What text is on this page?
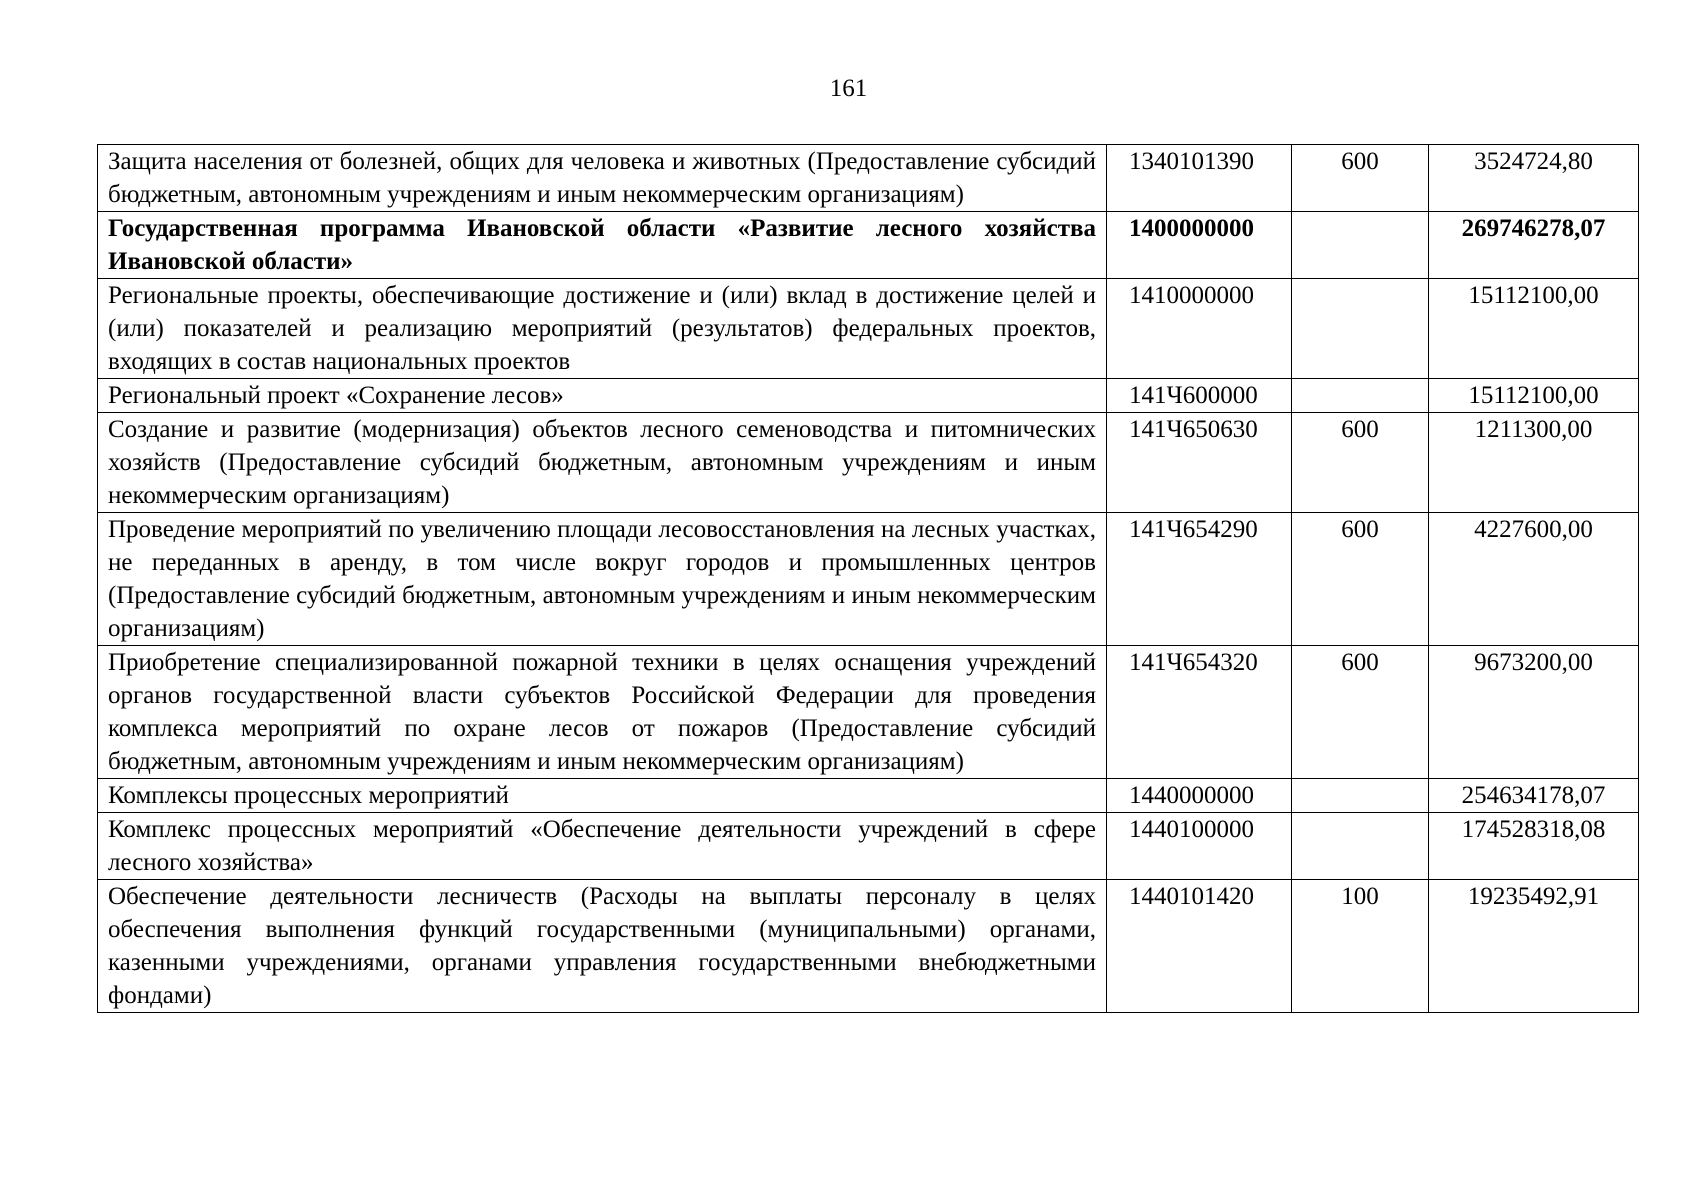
161
Защита населения от болезней, общих для человека и животных (Предоставление субсидий бюджетным, автономным учреждениям и иным некоммерческим организациям)	1340101390	600	3524724,80
Государственная программа Ивановской области «Развитие лесного хозяйства Ивановской области»	1400000000		269746278,07
Региональные проекты, обеспечивающие достижение и (или) вклад в достижение целей и (или) показателей и реализацию мероприятий (результатов) федеральных проектов, входящих в состав национальных проектов	1410000000		15112100,00
Региональный проект «Сохранение лесов»	141Ч600000		15112100,00
Создание и развитие (модернизация) объектов лесного семеноводства и питомнических хозяйств (Предоставление субсидий бюджетным, автономным учреждениям и иным некоммерческим организациям)	141Ч650630	600	1211300,00
Проведение мероприятий по увеличению площади лесовосстановления на лесных участках, не переданных в аренду, в том числе вокруг городов и промышленных центров (Предоставление субсидий бюджетным, автономным учреждениям и иным некоммерческим организациям)	141Ч654290	600	4227600,00
Приобретение специализированной пожарной техники в целях оснащения учреждений органов государственной власти субъектов Российской Федерации для проведения комплекса мероприятий по охране лесов от пожаров (Предоставление субсидий бюджетным, автономным учреждениям и иным некоммерческим организациям)	141Ч654320	600	9673200,00
Комплексы процессных мероприятий	1440000000		254634178,07
Комплекс процессных мероприятий «Обеспечение деятельности учреждений в сфере лесного хозяйства»	1440100000		174528318,08
Обеспечение деятельности лесничеств (Расходы на выплаты персоналу в целях обеспечения выполнения функций государственными (муниципальными) органами, казенными учреждениями, органами управления государственными внебюджетными фондами)	1440101420	100	19235492,91
